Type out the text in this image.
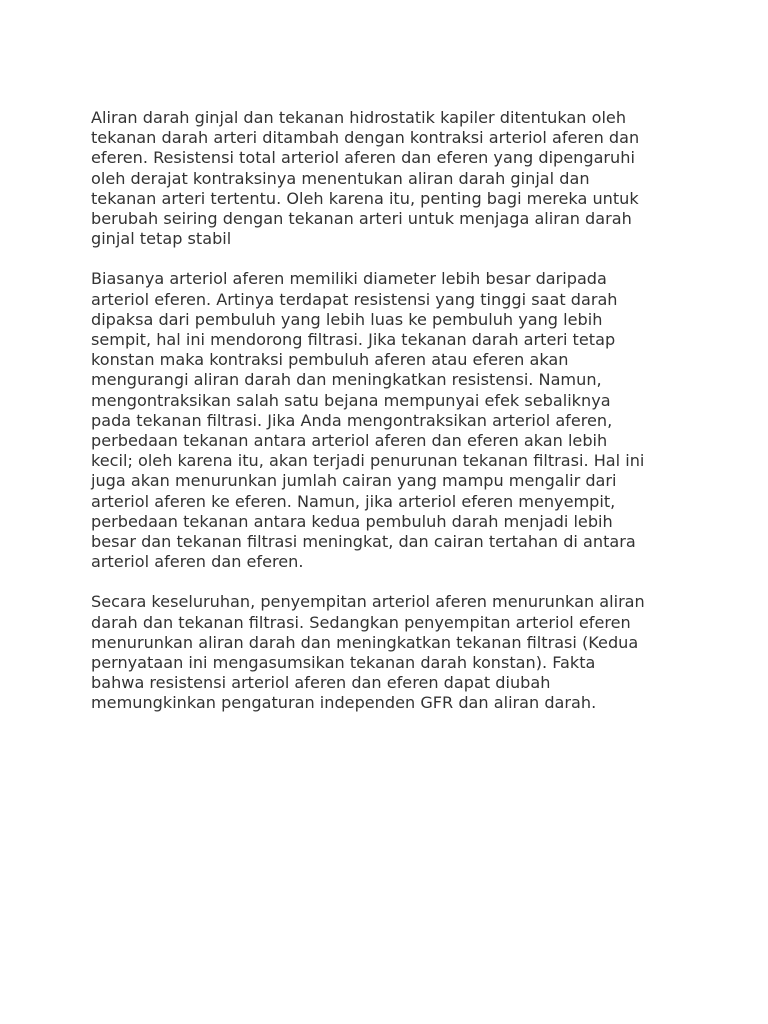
Aliran darah ginjal dan tekanan hidrostatik kapiler ditentukan oleh
tekanan darah arteri ditambah dengan kontraksi arteriol aferen dan
eferen. Resistensi total arteriol aferen dan eferen yang dipengaruhi
oleh derajat kontraksinya menentukan aliran darah ginjal dan
tekanan arteri tertentu. Oleh karena itu, penting bagi mereka untuk
berubah seiring dengan tekanan arteri untuk menjaga aliran darah
ginjal tetap stabil

Biasanya arteriol aferen memiliki diameter lebih besar daripada
arteriol eferen. Artinya terdapat resistensi yang tinggi saat darah
dipaksa dari pembuluh yang lebih luas ke pembuluh yang lebih
sempit, hal ini mendorong filtrasi. Jika tekanan darah arteri tetap
konstan maka kontraksi pembuluh aferen atau eferen akan
mengurangi aliran darah dan meningkatkan resistensi. Namun,
mengontraksikan salah satu bejana mempunyai efek sebaliknya
pada tekanan filtrasi. Jika Anda mengontraksikan arteriol aferen,
perbedaan tekanan antara arteriol aferen dan eferen akan lebih
kecil; oleh karena itu, akan terjadi penurunan tekanan filtrasi. Hal ini
juga akan menurunkan jumlah cairan yang mampu mengalir dari
arteriol aferen ke eferen. Namun, jika arteriol eferen menyempit,
perbedaan tekanan antara kedua pembuluh darah menjadi lebih
besar dan tekanan filtrasi meningkat, dan cairan tertahan di antara
arteriol aferen dan eferen.

Secara keseluruhan, penyempitan arteriol aferen menurunkan aliran
darah dan tekanan filtrasi. Sedangkan penyempitan arteriol eferen
menurunkan aliran darah dan meningkatkan tekanan filtrasi (Kedua
pernyataan ini mengasumsikan tekanan darah konstan). Fakta
bahwa resistensi arteriol aferen dan eferen dapat diubah
memungkinkan pengaturan independen GFR dan aliran darah.
